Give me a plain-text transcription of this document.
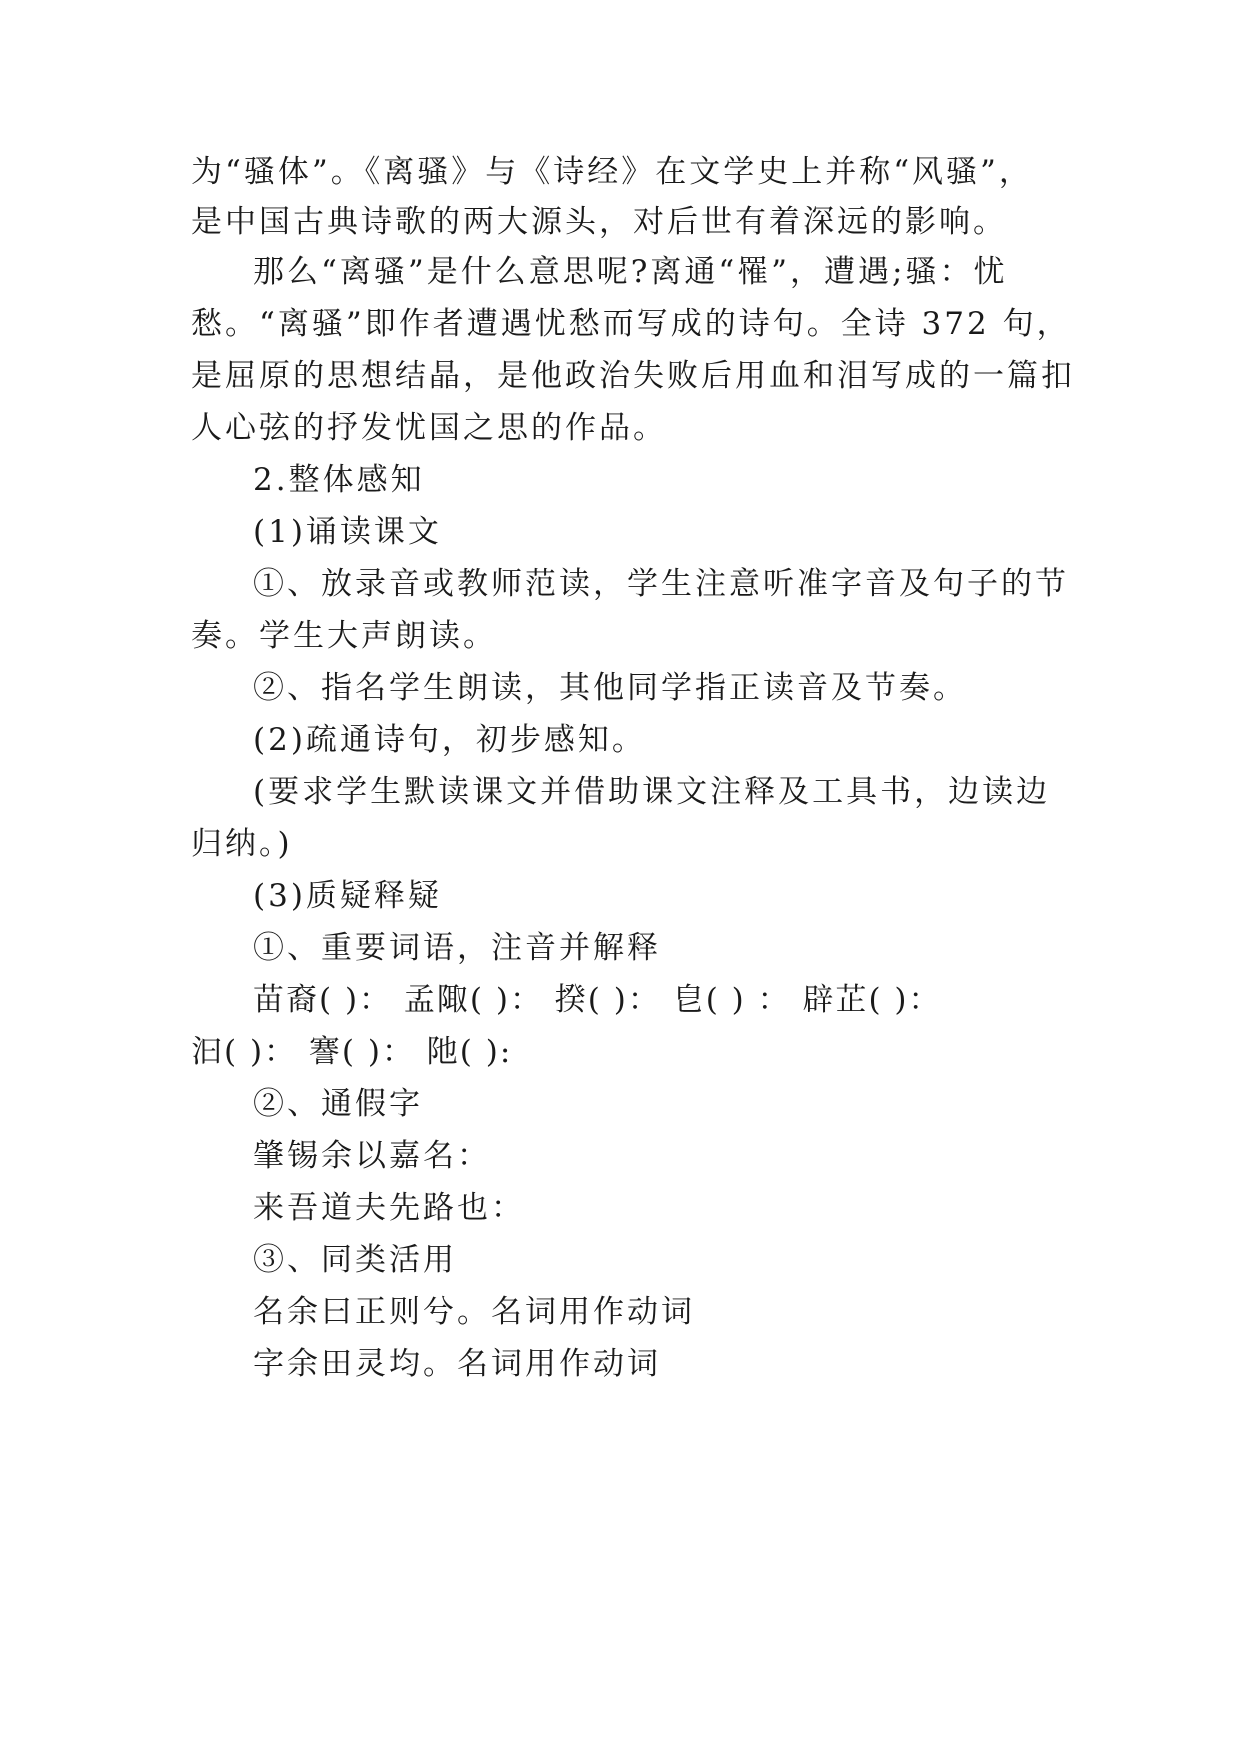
为“骚体”。《离骚》与《诗经》在文学史上并称“风骚”，
是中国古典诗歌的两大源头，对后世有着深远的影响。
那么“离骚”是什么意思呢?离通“罹”，遭遇;骚：忧
愁。“离骚”即作者遭遇忧愁而写成的诗句。全诗 372 句，
是屈原的思想结晶，是他政治失败后用血和泪写成的一篇扣
人心弦的抒发忧国之思的作品。
2.整体感知
(1)诵读课文
①、放录音或教师范读，学生注意听准字音及句子的节
奏。学生大声朗读。
②、指名学生朗读，其他同学指正读音及节奏。
(2)疏通诗句，初步感知。
(要求学生默读课文并借助课文注释及工具书，边读边
归纳。)
(3)质疑释疑
①、重要词语，注音并解释
苗裔( )： 孟陬( )： 揆( )： 皀( ) ： 辟芷( )：
汩( )： 謇( )： 阤( ):
②、通假字
肇锡余以嘉名：
来吾道夫先路也：
③、同类活用
名余曰正则兮。名词用作动词
字余田灵均。名词用作动词
